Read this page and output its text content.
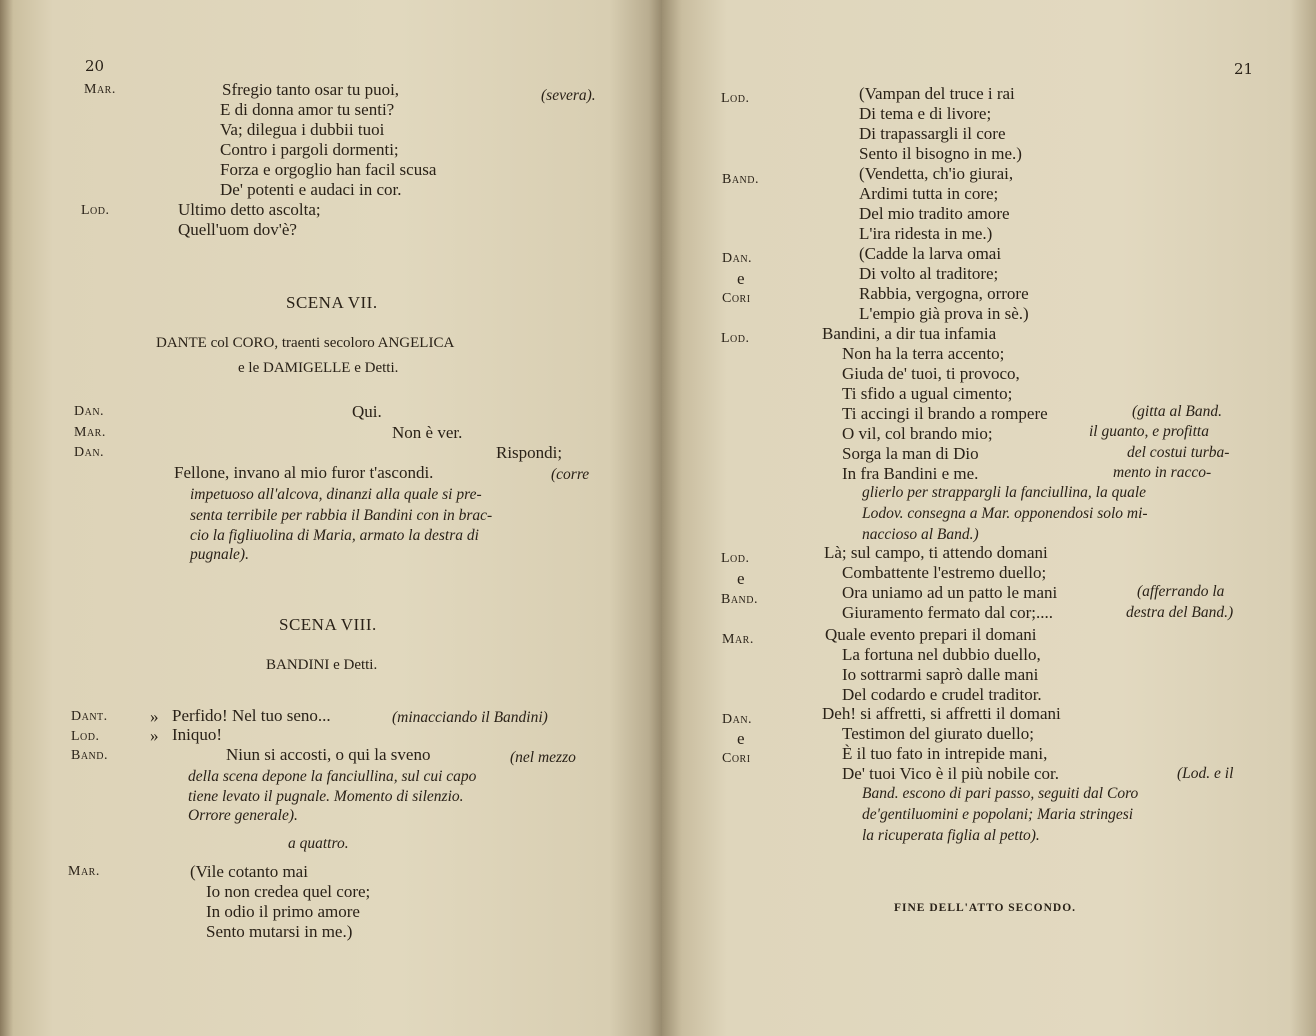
20
Mar.	Sfregio tanto osar tu puoi,	(severa).
E di donna amor tu senti?
Va; dilegua i dubbii tuoi
Contro i pargoli dormenti;
Forza e orgoglio han facil scusa
De' potenti e audaci in cor.
Lod.	Ultimo detto ascolta;
Quell'uom dov'è?
SCENA VII.
DANTE col CORO, traenti secoloro ANGELICA
e le DAMIGELLE e Detti.
Dan.	Qui.
Mar.	Non è ver.
Dan.	Rispondi;
Fellone, invano al mio furor t'ascondi.	(corre
impetuoso all'alcova, dinanzi alla quale si pre-
senta terribile per rabbia il Bandini con in brac-
cio la figliuolina di Maria, armato la destra di
pugnale).
SCENA VIII.
BANDINI e Detti.
Dant. » Perfido! Nel tuo seno...	(minacciando il Bandini)
Lod.	» Iniquo!
Band.	Niun si accosti, o qui la sveno	(nel mezzo
della scena depone la fanciullina, sul cui capo
tiene levato il pugnale. Momento di silenzio.
Orrore generale).
a quattro.
Mar.	(Vile cotanto mai
Io non credea quel core;
In odio il primo amore
Sento mutarsi in me.)
21
Lod.	(Vampan del truce i rai
Di tema e di livore;
Di trapassargli il core
Sento il bisogno in me.)
Band.	(Vendetta, ch'io giurai,
Ardimi tutta in core;
Del mio tradito amore
L'ira ridesta in me.)
Dan.
e
Cori
(Cadde la larva omai
Di volto al traditore;
Rabbia, vergogna, orrore
L'empio già prova in sè.)
Lod.	Bandini, a dir tua infamia
Non ha la terra accento;
Giuda de' tuoi, ti provoco,
Ti sfido a ugual cimento;
Ti accingi il brando a rompere	(gitta al Band.
O vil, col brando mio;	il guanto, e profitta
Sorga la man di Dio	del costui turba-
In fra Bandini e me.	mento in racco-
glierlo per strappargli la fanciullina, la quale
Lodov. consegna a Mar. opponendosi solo mi-
naccioso al Band.)
Lod.
e
Band.
Là; sul campo, ti attendo domani
Combattente l'estremo duello;
Ora uniamo ad un patto le mani	(afferrando la
Giuramento fermato dal cor;....	destra del Band.)
Mar.	Quale evento prepari il domani
La fortuna nel dubbio duello,
Io sottrarmi saprò dalle mani
Del codardo e crudel traditor.
Dan.
e
Cori
Deh! si affretti, si affretti il domani
Testimon del giurato duello;
È il tuo fato in intrepide mani,
De' tuoi Vico è il più nobile cor.	(Lod. e il
Band. escono di pari passo, seguiti dal Coro
de'gentiluomini e popolani; Maria stringesi
la ricuperata figlia al petto).
FINE DELL'ATTO SECONDO.
